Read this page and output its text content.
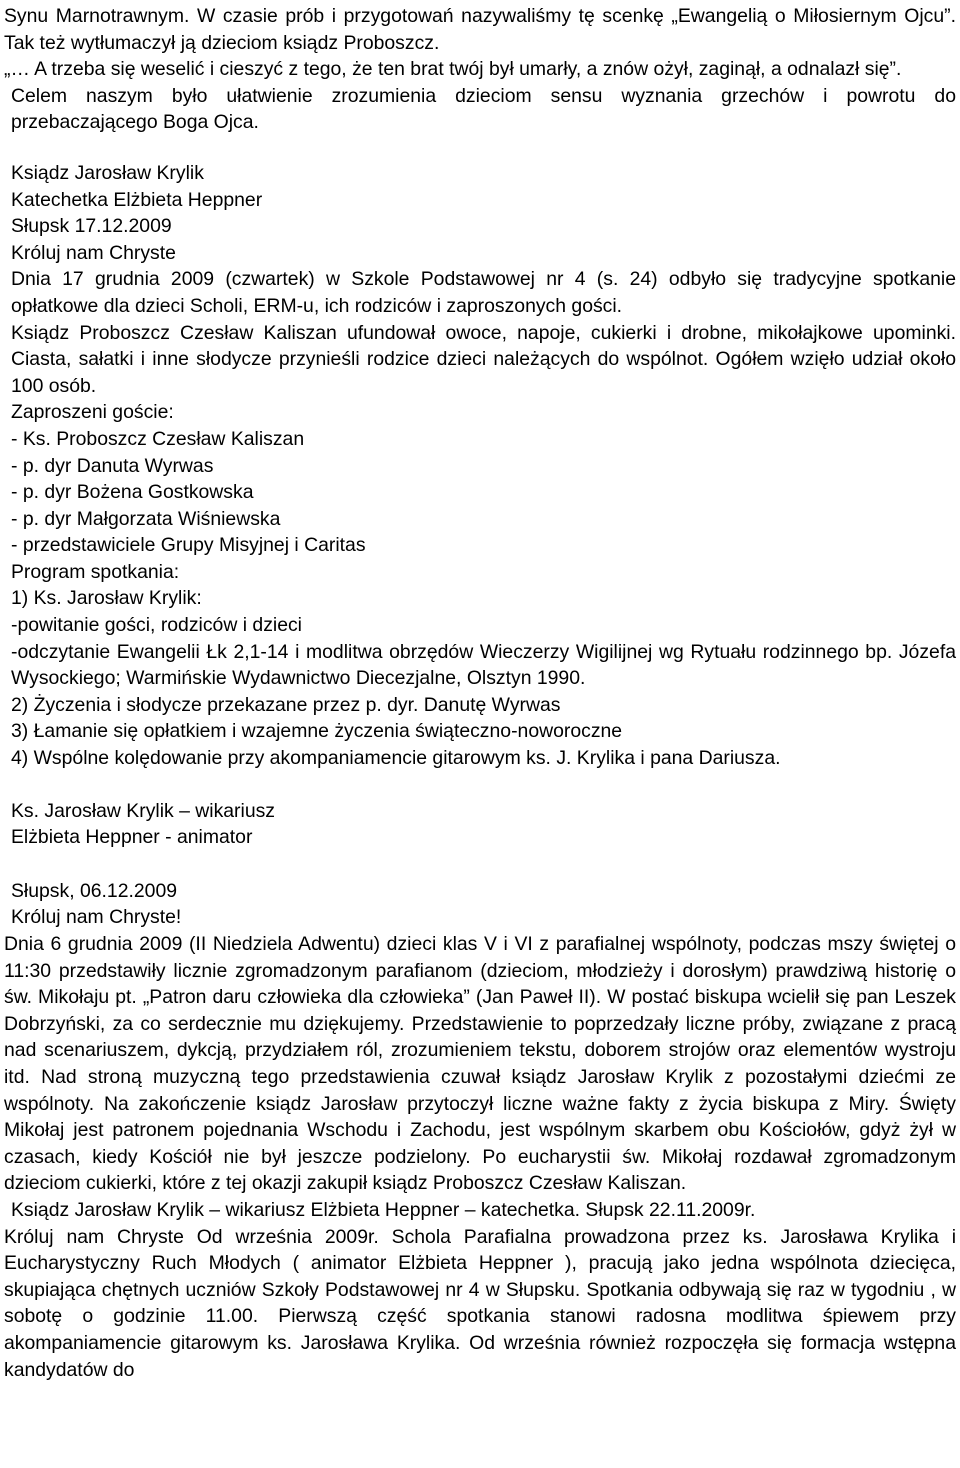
Synu Marnotrawnym. W czasie prób i przygotowań nazywaliśmy tę scenkę „Ewangelią o Miłosiernym Ojcu”. Tak też wytłumaczył ją dzieciom ksiądz Proboszcz.

„… A trzeba się weselić i cieszyć z tego, że ten brat twój był umarły, a znów ożył, zaginął, a odnalazł się”.

Celem naszym było ułatwienie zrozumienia dzieciom sensu wyznania grzechów i powrotu do przebaczającego Boga Ojca.

Ksiądz Jarosław Krylik

Katechetka Elżbieta Heppner

Słupsk 17.12.2009

Króluj nam Chryste

Dnia 17 grudnia 2009 (czwartek) w Szkole Podstawowej nr 4 (s. 24) odbyło się tradycyjne spotkanie opłatkowe dla dzieci Scholi, ERM-u, ich rodziców i zaproszonych gości.

Ksiądz Proboszcz Czesław Kaliszan ufundował owoce, napoje, cukierki i drobne, mikołajkowe upominki. Ciasta, sałatki i inne słodycze przynieśli rodzice dzieci należących do wspólnot. Ogółem wzięło udział około 100 osób.

Zaproszeni goście:

- Ks. Proboszcz Czesław Kaliszan

- p. dyr Danuta Wyrwas

- p. dyr Bożena Gostkowska

- p. dyr Małgorzata Wiśniewska

- przedstawiciele Grupy Misyjnej i Caritas

Program spotkania:

1) Ks. Jarosław Krylik:

-powitanie gości, rodziców i dzieci

-odczytanie Ewangelii Łk 2,1-14 i modlitwa obrzędów Wieczerzy Wigilijnej wg Rytuału rodzinnego bp. Józefa Wysockiego; Warmińskie Wydawnictwo Diecezjalne, Olsztyn 1990.

2) Życzenia i słodycze przekazane przez p. dyr. Danutę Wyrwas

3) Łamanie się opłatkiem i wzajemne życzenia świąteczno-noworoczne

4) Wspólne kolędowanie przy akompaniamencie gitarowym ks. J. Krylika i pana Dariusza.

Ks. Jarosław Krylik – wikariusz

Elżbieta Heppner - animator

Słupsk, 06.12.2009

Króluj nam Chryste!

Dnia 6 grudnia 2009 (II Niedziela Adwentu) dzieci klas V i VI z parafialnej wspólnoty, podczas mszy świętej o 11:30 przedstawiły licznie zgromadzonym parafianom (dzieciom, młodzieży i dorosłym) prawdziwą historię o św. Mikołaju pt. „Patron daru człowieka dla człowieka” (Jan Paweł II). W postać biskupa wcielił się pan Leszek Dobrzyński, za co serdecznie mu dziękujemy. Przedstawienie to poprzedzały liczne próby, związane z pracą nad scenariuszem, dykcją, przydziałem ról, zrozumieniem tekstu, doborem strojów oraz elementów wystroju itd. Nad stroną muzyczną tego przedstawienia czuwał ksiądz Jarosław Krylik z pozostałymi dziećmi ze wspólnoty. Na zakończenie ksiądz Jarosław przytoczył liczne ważne fakty z życia biskupa z Miry. Święty Mikołaj jest patronem pojednania Wschodu i Zachodu, jest wspólnym skarbem obu Kościołów, gdyż żył w czasach, kiedy Kościół nie był jeszcze podzielony. Po eucharystii św. Mikołaj rozdawał zgromadzonym dzieciom cukierki, które z tej okazji zakupił ksiądz Proboszcz Czesław Kaliszan.

Ksiądz Jarosław Krylik – wikariusz Elżbieta Heppner – katechetka. Słupsk 22.11.2009r.

Króluj nam Chryste Od września 2009r. Schola Parafialna prowadzona przez ks. Jarosława Krylika i Eucharystyczny Ruch Młodych ( animator Elżbieta Heppner ), pracują jako jedna wspólnota dziecięca, skupiająca chętnych uczniów Szkoły Podstawowej nr 4 w Słupsku. Spotkania odbywają się raz w tygodniu , w sobotę o godzinie 11.00. Pierwszą część spotkania stanowi radosna modlitwa śpiewem przy akompaniamencie gitarowym ks. Jarosława Krylika. Od września również rozpoczęła się formacja wstępna kandydatów do
